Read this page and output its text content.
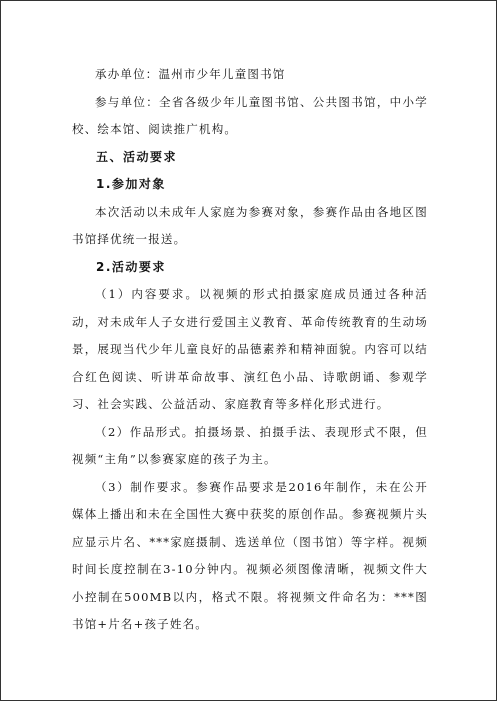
承办单位：温州市少年儿童图书馆

参与单位：全省各级少年儿童图书馆、公共图书馆，中小学校、绘本馆、阅读推广机构。

五、活动要求

1.参加对象

本次活动以未成年人家庭为参赛对象，参赛作品由各地区图书馆择优统一报送。

2.活动要求

（1）内容要求。以视频的形式拍摄家庭成员通过各种活动，对未成年人子女进行爱国主义教育、革命传统教育的生动场景，展现当代少年儿童良好的品德素养和精神面貌。内容可以结合红色阅读、听讲革命故事、演红色小品、诗歌朗诵、参观学习、社会实践、公益活动、家庭教育等多样化形式进行。

（2）作品形式。拍摄场景、拍摄手法、表现形式不限，但视频“主角”以参赛家庭的孩子为主。

（3）制作要求。参赛作品要求是2016年制作，未在公开媒体上播出和未在全国性大赛中获奖的原创作品。参赛视频片头应显示片名、***家庭摄制、选送单位（图书馆）等字样。视频时间长度控制在3-10分钟内。视频必须图像清晰，视频文件大小控制在500MB以内，格式不限。将视频文件命名为：***图书馆+片名+孩子姓名。
